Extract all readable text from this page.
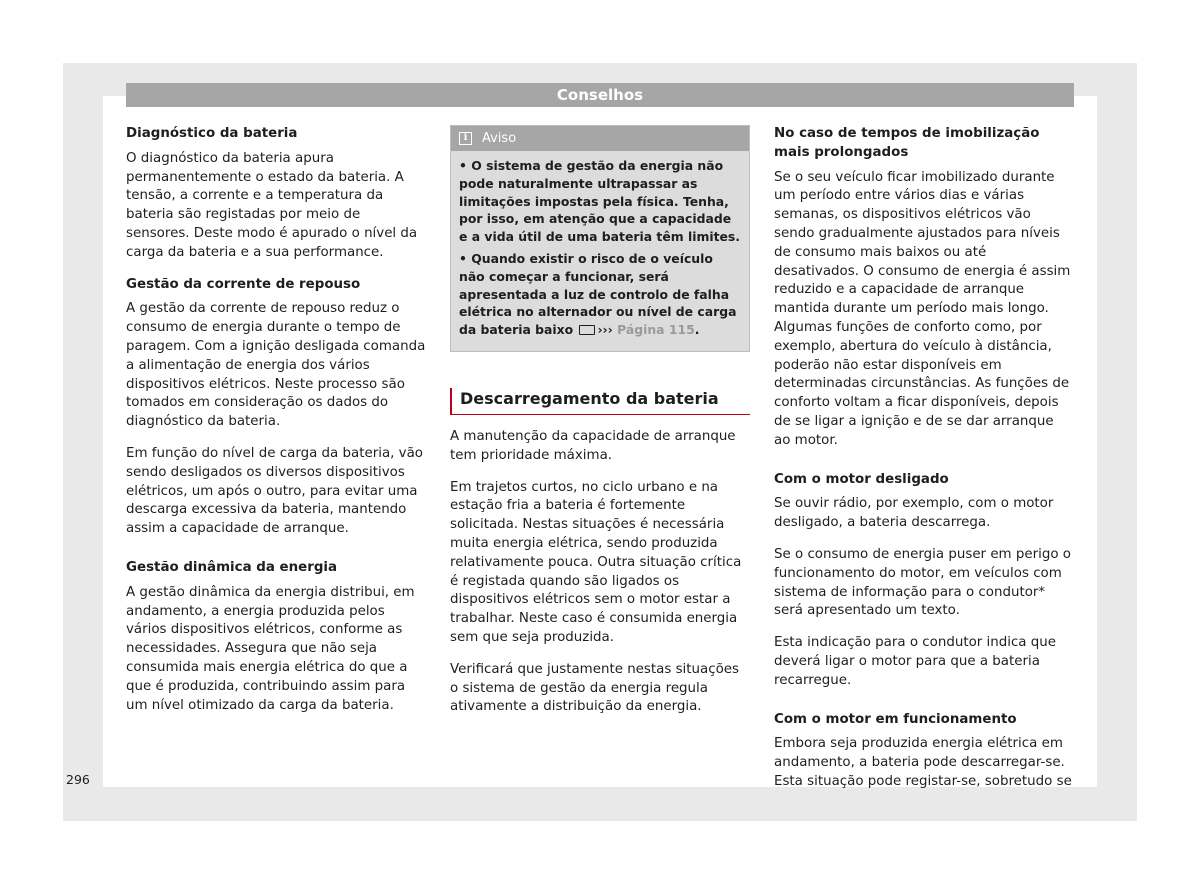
Conselhos
Diagnóstico da bateria

O diagnóstico da bateria apura permanentemente o estado da bateria. A tensão, a corrente e a temperatura da bateria são registadas por meio de sensores. Deste modo é apurado o nível da carga da bateria e a sua performance.

Gestão da corrente de repouso

A gestão da corrente de repouso reduz o consumo de energia durante o tempo de paragem. Com a ignição desligada comanda a alimentação de energia dos vários dispositivos elétricos. Neste processo são tomados em consideração os dados do diagnóstico da bateria.

Em função do nível de carga da bateria, vão sendo desligados os diversos dispositivos elétricos, um após o outro, para evitar uma descarga excessiva da bateria, mantendo assim a capacidade de arranque.

Gestão dinâmica da energia

A gestão dinâmica da energia distribui, em andamento, a energia produzida pelos vários dispositivos elétricos, conforme as necessidades. Assegura que não seja consumida mais energia elétrica do que a que é produzida, contribuindo assim para um nível otimizado da carga da bateria.

i	Aviso

• O sistema de gestão da energia não pode naturalmente ultrapassar as limitações impostas pela física. Tenha, por isso, em atenção que a capacidade e a vida útil de uma bateria têm limites.

• Quando existir o risco de o veículo não começar a funcionar, será apresentada a luz de controlo de falha elétrica no alternador ou nível de carga da bateria baixo ››› Página 115.

Descarregamento da bateria

A manutenção da capacidade de arranque tem prioridade máxima.

Em trajetos curtos, no ciclo urbano e na estação fria a bateria é fortemente solicitada. Nestas situações é necessária muita energia elétrica, sendo produzida relativamente pouca. Outra situação crítica é registada quando são ligados os dispositivos elétricos sem o motor estar a trabalhar. Neste caso é consumida energia sem que seja produzida.

Verificará que justamente nestas situações o sistema de gestão da energia regula ativamente a distribuição da energia.

No caso de tempos de imobilização mais prolongados

Se o seu veículo ficar imobilizado durante um período entre vários dias e várias semanas, os dispositivos elétricos vão sendo gradualmente ajustados para níveis de consumo mais baixos ou até desativados. O consumo de energia é assim reduzido e a capacidade de arranque mantida durante um período mais longo. Algumas funções de conforto como, por exemplo, abertura do veículo à distância, poderão não estar disponíveis em determinadas circunstâncias. As funções de conforto voltam a ficar disponíveis, depois de se ligar a ignição e de se dar arranque ao motor.

Com o motor desligado

Se ouvir rádio, por exemplo, com o motor desligado, a bateria descarrega.

Se o consumo de energia puser em perigo o funcionamento do motor, em veículos com sistema de informação para o condutor* será apresentado um texto.

Esta indicação para o condutor indica que deverá ligar o motor para que a bateria recarregue.

Com o motor em funcionamento

Embora seja produzida energia elétrica em andamento, a bateria pode descarregar-se. Esta situação pode registar-se, sobretudo se

296
